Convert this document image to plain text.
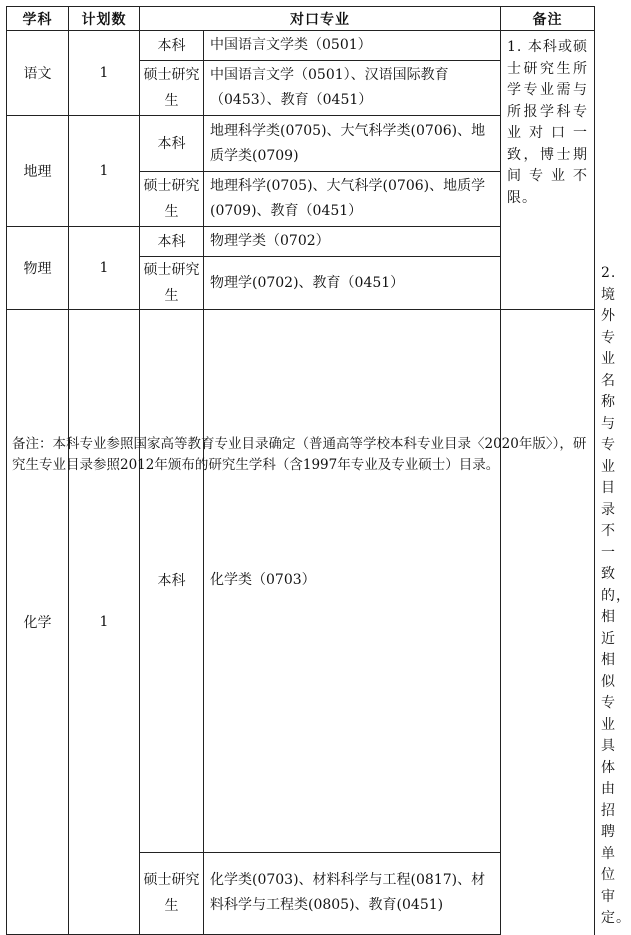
学科	计划数	对口专业		备注	
语文	1	本科	中国语言文学类（0501）	1. 本科或硕士研究生所学专业需与所报学科专业对口一致，博士期间专业不限。	

		硕士研究生	中国语言文学（0501）、汉语国际教育（0453）、教育（0451）		
地理	1	本科	地理科学类(0705)、大气科学类(0706)、地质学类(0709)		
		硕士研究生	地理科学(0705)、大气科学(0706)、地质学(0709)、教育（0451）		
物理	1	本科	物理学类（0702）		
		硕士研究生	物理学(0702)、教育（0451）		2. 境外专业名称与专业目录不一致的，相近相似专业具体由招聘单位审定。

化学	1	本科	化学类（0703）		
		硕士研究生	化学类(0703)、材料科学与工程(0817)、材料科学与工程类(0805)、教育(0451)		

备注：本科专业参照国家高等教育专业目录确定（普通高等学校本科专业目录〈2020年版〉），研究生专业目录参照2012年颁布的研究生学科（含1997年专业及专业硕士）目录。
